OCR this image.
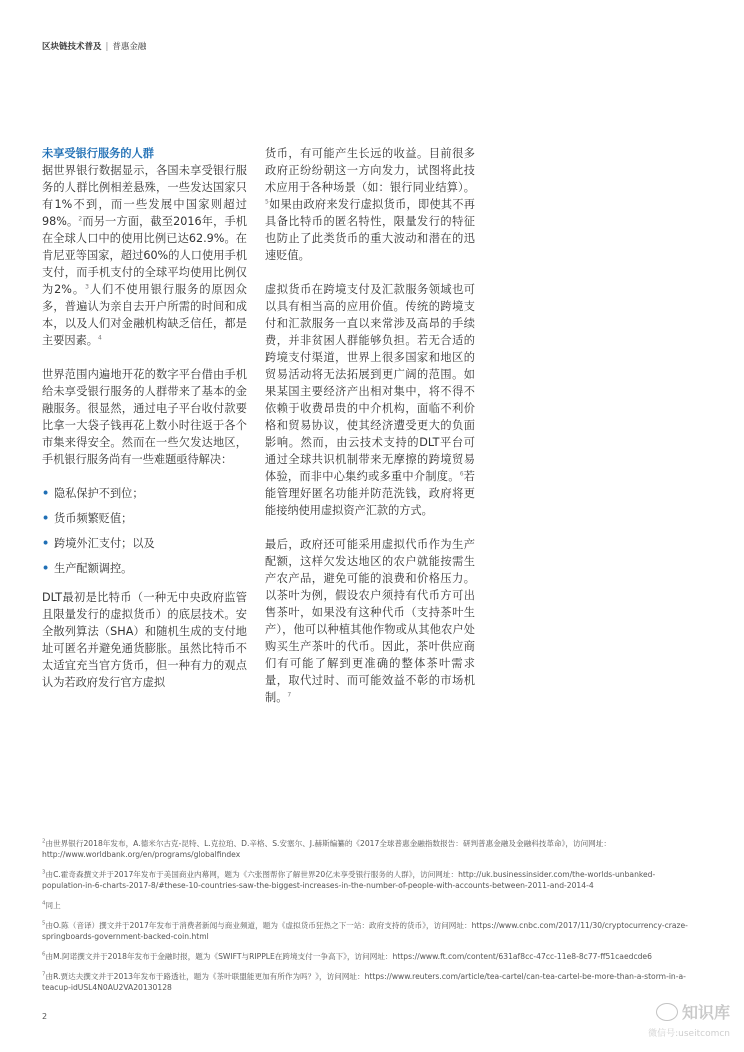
区块链技术普及 | 普惠金融
未享受银行服务的人群

据世界银行数据显示，各国未享受银行服务的人群比例相差悬殊，一些发达国家只有1%不到，而一些发展中国家则超过98%。$^2$而另一方面，截至2016年，手机在全球人口中的使用比例已达62.9%。在肯尼亚等国家，超过60%的人口使用手机支付，而手机支付的全球平均使用比例仅为2%。$^3$人们不使用银行服务的原因众多，普遍认为亲自去开户所需的时间和成本，以及人们对金融机构缺乏信任，都是主要因素。$^4$

世界范围内遍地开花的数字平台借由手机给未享受银行服务的人群带来了基本的金融服务。很显然，通过电子平台收付款要比拿一大袋子钱再花上数小时往返于各个市集来得安全。然而在一些欠发达地区，手机银行服务尚有一些难题亟待解决：

• 隐私保护不到位；
• 货币频繁贬值；
• 跨境外汇支付；以及
• 生产配额调控。

DLT最初是比特币（一种无中央政府监管且限量发行的虚拟货币）的底层技术。安全散列算法（SHA）和随机生成的支付地址可匿名并避免通货膨胀。虽然比特币不太适宜充当官方货币，但一种有力的观点认为若政府发行官方虚拟

货币，有可能产生长远的收益。目前很多政府正纷纷朝这一方向发力，试图将此技术应用于各种场景（如：银行同业结算）。$^5$如果由政府来发行虚拟货币，即使其不再具备比特币的匿名特性，限量发行的特征也防止了此类货币的重大波动和潜在的迅速贬值。

虚拟货币在跨境支付及汇款服务领域也可以具有相当高的应用价值。传统的跨境支付和汇款服务一直以来常涉及高昂的手续费，并非贫困人群能够负担。若无合适的跨境支付渠道，世界上很多国家和地区的贸易活动将无法拓展到更广阔的范围。如果某国主要经济产出相对集中，将不得不依赖于收费昂贵的中介机构，面临不利价格和贸易协议，使其经济遭受更大的负面影响。然而，由云技术支持的DLT平台可通过全球共识机制带来无摩擦的跨境贸易体验，而非中心集约或多重中介制度。$^6$若能管理好匿名功能并防范洗钱，政府将更能接纳使用虚拟资产汇款的方式。

最后，政府还可能采用虚拟代币作为生产配额，这样欠发达地区的农户就能按需生产农产品，避免可能的浪费和价格压力。以茶叶为例，假设农户须持有代币方可出售茶叶，如果没有这种代币（支持茶叶生产），他可以种植其他作物或从其他农户处购买生产茶叶的代币。因此，茶叶供应商们有可能了解到更准确的整体茶叶需求量，取代过时、而可能效益不彰的市场机制。$^7$

$^2$由世界银行2018年发布，A.德米尔古克-昆特、L.克拉珀、D.辛格、S.安塞尔、J.赫斯编纂的《2017全球普惠金融指数报告：研判普惠金融及金融科技革命》，访问网址：http://www.worldbank.org/en/programs/globalfindex
$^3$由C.霍奇森撰文并于2017年发布于美国商业内幕网，题为《六张图帮你了解世界20亿未享受银行服务的人群》，访问网址：http://uk.businessinsider.com/the-worlds-unbanked-population-in-6-charts-2017-8/#these-10-countries-saw-the-biggest-increases-in-the-number-of-people-with-accounts-between-2011-and-2014-4
$^4$同上
$^5$由O.陈（音译）撰文并于2017年发布于消费者新闻与商业频道，题为《虚拟货币狂热之下一站：政府支持的货币》，访问网址：https://www.cnbc.com/2017/11/30/cryptocurrency-craze-springboards-government-backed-coin.html
$^6$由M.阿诺撰文并于2018年发布于金融时报，题为《SWIFT与RIPPLE在跨境支付一争高下》，访问网址：https://www.ft.com/content/631af8cc-47cc-11e8-8c77-ff51caedcde6
$^7$由R.贾达夫撰文并于2013年发布于路透社，题为《茶叶联盟能更加有所作为吗？》，访问网址：https://www.reuters.com/article/tea-cartel/can-tea-cartel-be-more-than-a-storm-in-a-teacup-idUSL4N0AU2VA20130128
2	知识库
微信号:useitcomcn
